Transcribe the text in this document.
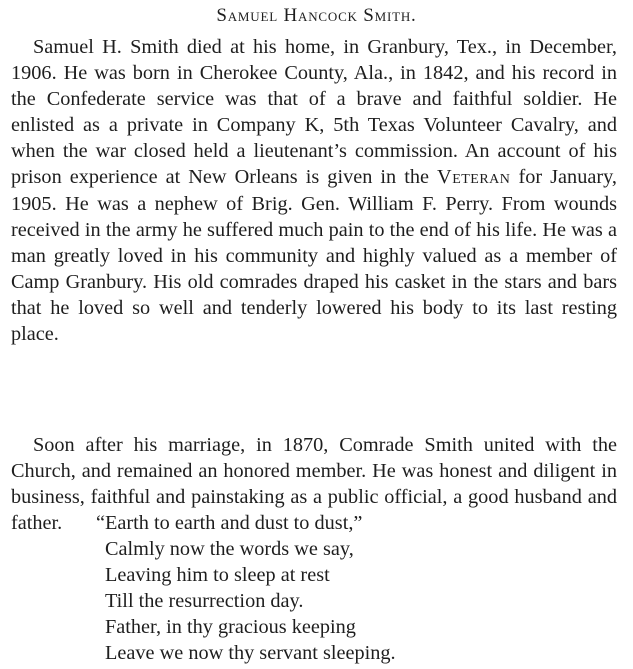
Samuel Hancock Smith.

Samuel H. Smith died at his home, in Granbury, Tex., in December, 1906. He was born in Cherokee County, Ala., in 1842, and his record in the Confederate service was that of a brave and faithful soldier. He enlisted as a private in Company K, 5th Texas Volunteer Cavalry, and when the war closed held a lieutenant’s commission. An account of his prison experience at New Orleans is given in the Veteran for January, 1905. He was a nephew of Brig. Gen. William F. Perry. From wounds received in the army he suffered much pain to the end of his life. He was a man greatly loved in his community and highly valued as a member of Camp Granbury. His old comrades draped his casket in the stars and bars that he loved so well and tenderly lowered his body to its last resting place.

Soon after his marriage, in 1870, Comrade Smith united with the Church, and remained an honored member. He was honest and diligent in business, faithful and painstaking as a public official, a good husband and father.	“Earth to earth and dust to dust,”
Calmly now the words we say,
Leaving him to sleep at rest
Till the resurrection day.
Father, in thy gracious keeping
Leave we now thy servant sleeping.
